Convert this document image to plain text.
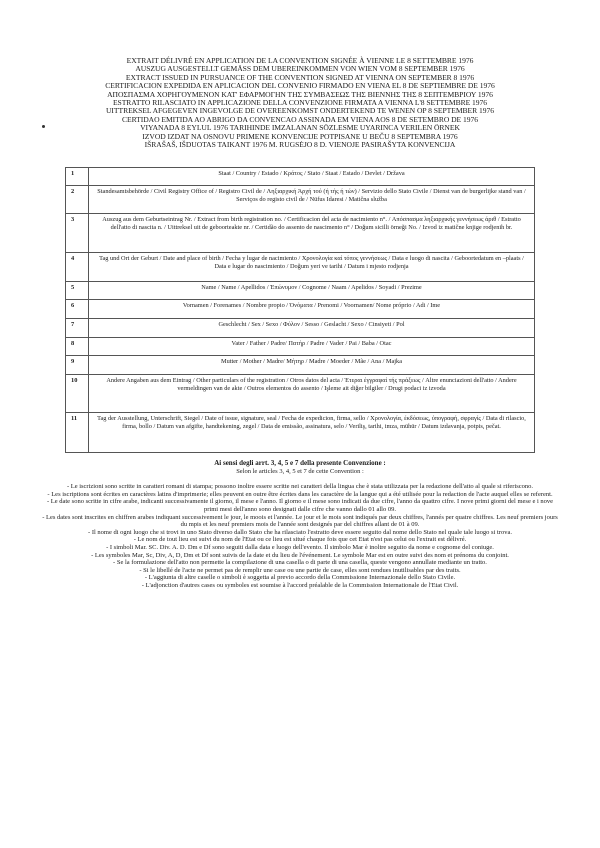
EXTRAIT DÉLIVRÉ EN APPLICATION DE LA CONVENTION SIGNÉE À VIENNE LE 8 SETTEMBRE 1976
AUSZUG AUSGESTELLT GEMÄSS DEM UBEREINKOMMEN VON WIEN VOM 8 SEPTEMBER 1976
EXTRACT ISSUED IN PURSUANCE OF THE CONVENTION SIGNED AT VIENNA ON SEPTEMBER 8 1976
CERTIFICACION EXPEDIDA EN APLICACION DEL CONVENIO FIRMADO EN VIENA EL 8 DE SEPTIEMBRE DE 1976
ΑΠΟΣΠΑΣΜΑ ΧΟΡΗΓΟΥΜΕΝΟΝ ΚΑΤ' ΕΦΑΡΜΟΓΗΝ ΤΗΣ ΣΥΜΒΑΣΕΩΣ ΤΗΣ ΒΙΕΝΝΗΣ ΤΗΣ 8 ΣΕΠΤΕΜΒΡΙΟΥ 1976
ESTRATTO RILASCIATO IN APPLICAZIONE DELLA CONVENZIONE FIRMATA A VIENNA L'8 SETTEMBRE 1976
UITTREKSEL AFGEGEVEN INGEVOLGE DE OVEREENKOMST ONDERTEKEND TE WENEN OP 8 SEPTEMBER 1976
CERTIDAO EMITIDA AO ABRIGO DA CONVENCAO ASSINADA EM VIENA AOS 8 DE SETEMBRO DE 1976
VIYANADA 8 EYLUL 1976 TARIHINDE IMZALANAN SÖZLESME UYARINCA VERILEN ÖRNEK
IZVOD IZDAT NA OSNOVU PRIMENE KONVENCIJE POTPISANE U BEČU 8 SEPTEMBRA 1976
IŠRAŠAŠ, IŠDUOTAS TAIKANT 1976 M. RUGSĖJO 8 D. VIENOJE PASIRAŠYTA KONVENCIJA
1	Staat / Country / Estado / Κράτος / Stato / Staat / Estado / Devlet / Država
2	Standesamtsbehörde / Civil Registry Office of / Registro Civil de / Ληξιαρχική Άρχή τού (ή τής ή τών) / Servizio dello Stato Civile / Dienst van de burgerlijke stand van / Serviços do registo civil de / Nüfus Idaresi / Matična služba
3	Auszug aus dem Geburtseintrag Nr. / Extract from birth registration no. / Certificacion del acta de nacimiento n°. / Απόσπασμα ληξιαρχικής γεννήσεως άριθ / Estratto dell'atto di nascita n. / Uittreksel uit de geboorteakte nr. / Certidão do assento de nascimento n° / Doğum sicilli örneği No. / Izvod iz matične knjige rodjenih br.
4	Tag und Ort der Geburt / Date and place of birth / Fecha y lugar de nacimiento / Χρονολογία καί τόπος γεννήσεως / Data e luogo di nascita / Geboortedatum en –plaats / Data e lugar do nascimiento / Doğum yeri ve tarihi / Datum i mjesto rodjenja
5	Name / Name / Apellidos / Έπώνυμον / Cognome / Naam / Apelidos / Soyadi / Prezime
6	Vornamen / Forenames / Nombre propio / Όνόματα / Prenomi / Voornamen/ Nome próprio / Adi / Ime
7	Geschlecht / Sex / Sexo / Φύλον / Sesso / Geslacht / Sexo / Cinsiyeti / Pol
8	Vater / Father / Padre/ Πατήρ / Padre / Vader / Pai / Baba / Otac
9	Mutter / Mother / Madre/ Μήτηρ / Madre / Moeder / Mãe / Ana / Majka
10	Andere Angaben aus dem Eintrag / Other particulars of the registration / Otros datos del acta / Έτεραι έγγραφαί τής πράξεως / Altre enunciazioni dell'atto / Andere vermeldingen van de akte / Outros elementos do assento / Işleme ait diğer bilgiler / Drugi podaci iz izvoda
11	Tag der Ausstellung, Unterschrift, Siegel / Date of issue, signature, seal / Fecha de expedicion, firma, sello / Χρονολογία, έκδόσεως, ύπογραφή, σφραγίς / Data di rilascio, firma, bollo / Datum van afgifte, handtekening, zegel / Data de emissão, assinatura, selo / Veriliş, tarihi, imza, mühür / Datum izdavanja, potpis, pečat.
Ai sensi degli arrt. 3, 4, 5 e 7 della presente Convenzione :
Selon le articles 3, 4, 5 et 7 de cette Convention :

- Le iscrizioni sono scritte in caratteri romani di stampa; possono inoltre essere scritte nei caratteri della lingua che è stata utilizzata per la redazione dell'atto al quale si riferiscono.

- Les iscriptions sont écrites en caractères latins d'imprimerie; elles peuvent en outre être écrites dans les caractère de la langue qui a été utilisée pour la redaction de l'acte auquel elles se referent.

- Le date sono scritte in cifre arabe, indicanti successivamente il giorno, il mese e l'anno. Il giorno e il mese sono indicati da due cifre, l'anno da quattro cifre. I nove primi giorni del mese e i nove primi mesi dell'anno sono designati dalle cifre che vanno dallo 01 allo 09.

- Les dates sont inscrites en chiffren arabes indiquant successivement le jour, le moois et l'année. Le jour et le mois sont indiqués par deux chiffres, l'annés per quatre chiffres. Les neuf premiers jours du mpis et les neuf premiers mois de l'année sont designés par del chiffres allant de 01 à 09.

- Il nome di ogni luogo che si trovi in uno Stato diverso dallo Stato che ha rilasciato l'estratto deve essere seguito dal nome dello Stato nel quale tale luogo si trova.

- Le nom de tout lieu est suivi du nom de l'Etat ou ce lieu est situé chaque fois que cet Etat n'est pas celui ou l'extrait est délivré.

- I simboli Mar. SC. Div. A. D. Dm e Df sono seguiti dalla data e luogo dell'evento. Il simbolo Mar è inoltre seguito da nome e cognome del coniuge.

- Les symboles Mar, Sc, Div, A, D, Dm et Df sont suivis de la date et du lieu de l'événement. Le symbole Mar est en outre suivi des nom et prénoms du conjoint.

- Se la formulazione dell'atto non permette la compilazione di una casella o di parte di una casella, queste vengono annullate mediante un tratto.

- Si le libellé de l'acte ne permet pas de remplir une case ou une partie de case, elles sont rendues inutilisables par des traits.

- L'aggiunta di altre caselle o simboli è soggetta al previo accordo della Commissione Internazionale dello Stato Civile.

- L'adjonction d'autres cases ou symboles est soumise à l'accord préalable de la Commission Internationale de l'Etat Civil.
